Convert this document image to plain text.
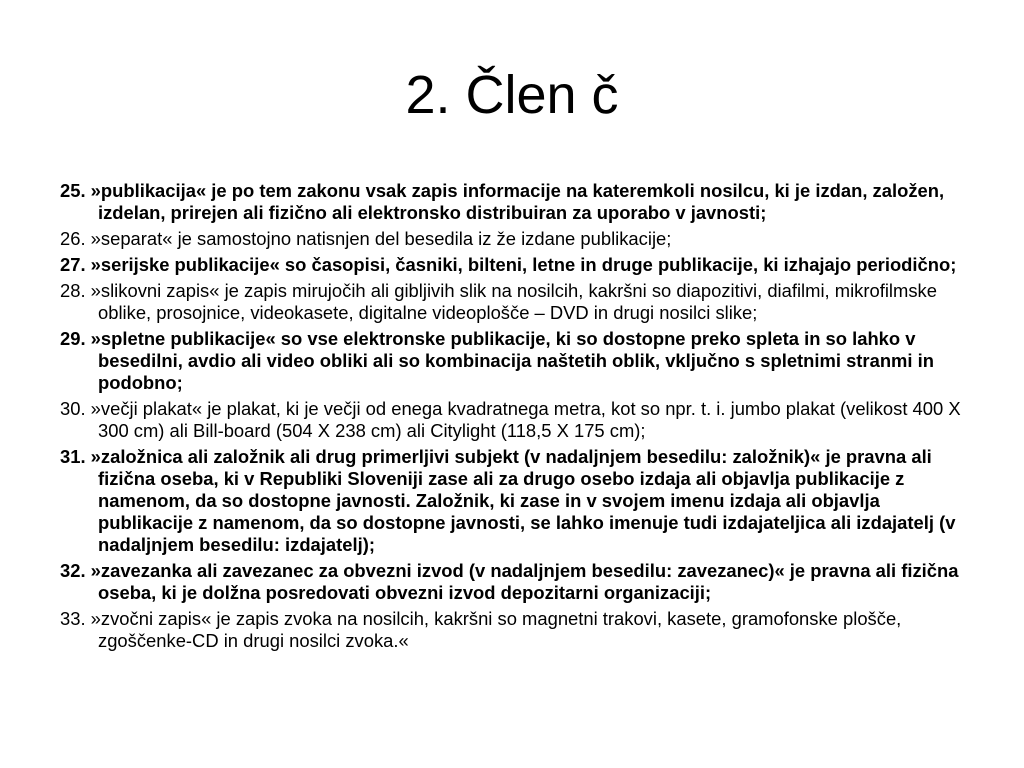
2. Člen č
25. »publikacija« je po tem zakonu vsak zapis informacije na kateremkoli nosilcu, ki je izdan, založen, izdelan, prirejen ali fizično ali elektronsko distribuiran za uporabo v javnosti;
26. »separat« je samostojno natisnjen del besedila iz že izdane publikacije;
27. »serijske publikacije« so časopisi, časniki, bilteni, letne in druge publikacije, ki izhajajo periodično;
28. »slikovni zapis« je zapis mirujočih ali gibljivih slik na nosilcih, kakršni so diapozitivi, diafilmi, mikrofilmske oblike, prosojnice, videokasete, digitalne videoplošče – DVD in drugi nosilci slike;
29. »spletne publikacije« so vse elektronske publikacije, ki so dostopne preko spleta in so lahko v besedilni, avdio ali video obliki ali so kombinacija naštetih oblik, vključno s spletnimi stranmi in podobno;
30. »večji plakat« je plakat, ki je večji od enega kvadratnega metra, kot so npr. t. i. jumbo plakat (velikost 400 X 300 cm) ali Bill-board (504 X 238 cm) ali Citylight (118,5 X 175 cm);
31. »založnica ali založnik ali drug primerljivi subjekt (v nadaljnjem besedilu: založnik)« je pravna ali fizična oseba, ki v Republiki Sloveniji zase ali za drugo osebo izdaja ali objavlja publikacije z namenom, da so dostopne javnosti. Založnik, ki zase in v svojem imenu izdaja ali objavlja publikacije z namenom, da so dostopne javnosti, se lahko imenuje tudi izdajateljica ali izdajatelj (v nadaljnjem besedilu: izdajatelj);
32. »zavezanka ali zavezanec za obvezni izvod (v nadaljnjem besedilu: zavezanec)« je pravna ali fizična oseba, ki je dolžna posredovati obvezni izvod depozitarni organizaciji;
33. »zvočni zapis« je zapis zvoka na nosilcih, kakršni so magnetni trakovi, kasete, gramofonske plošče, zgoščenke-CD in drugi nosilci zvoka.«
